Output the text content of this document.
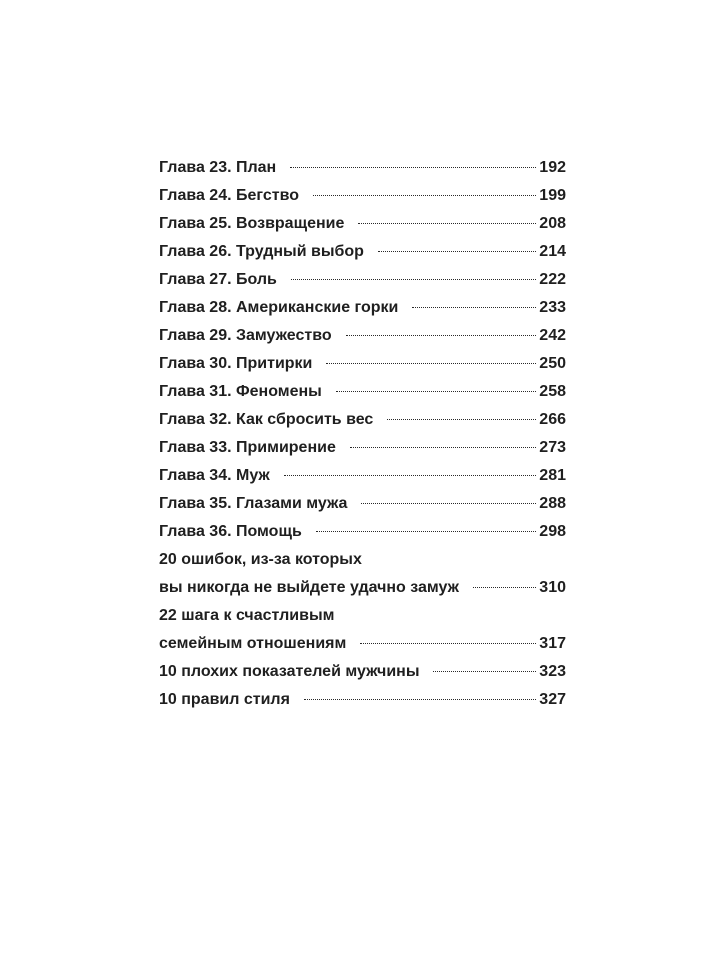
Глава 23. План	192
Глава 24. Бегство	199
Глава 25. Возвращение	208
Глава 26. Трудный выбор	214
Глава 27. Боль	222
Глава 28. Американские горки	233
Глава 29. Замужество	242
Глава 30. Притирки	250
Глава 31. Феномены	258
Глава 32. Как сбросить вес	266
Глава 33. Примирение	273
Глава 34. Муж	281
Глава 35. Глазами мужа	288
Глава 36. Помощь	298
20 ошибок, из-за которых
вы никогда не выйдете удачно замуж	310
22 шага к счастливым
семейным отношениям	317
10 плохих показателей мужчины	323
10 правил стиля	327
